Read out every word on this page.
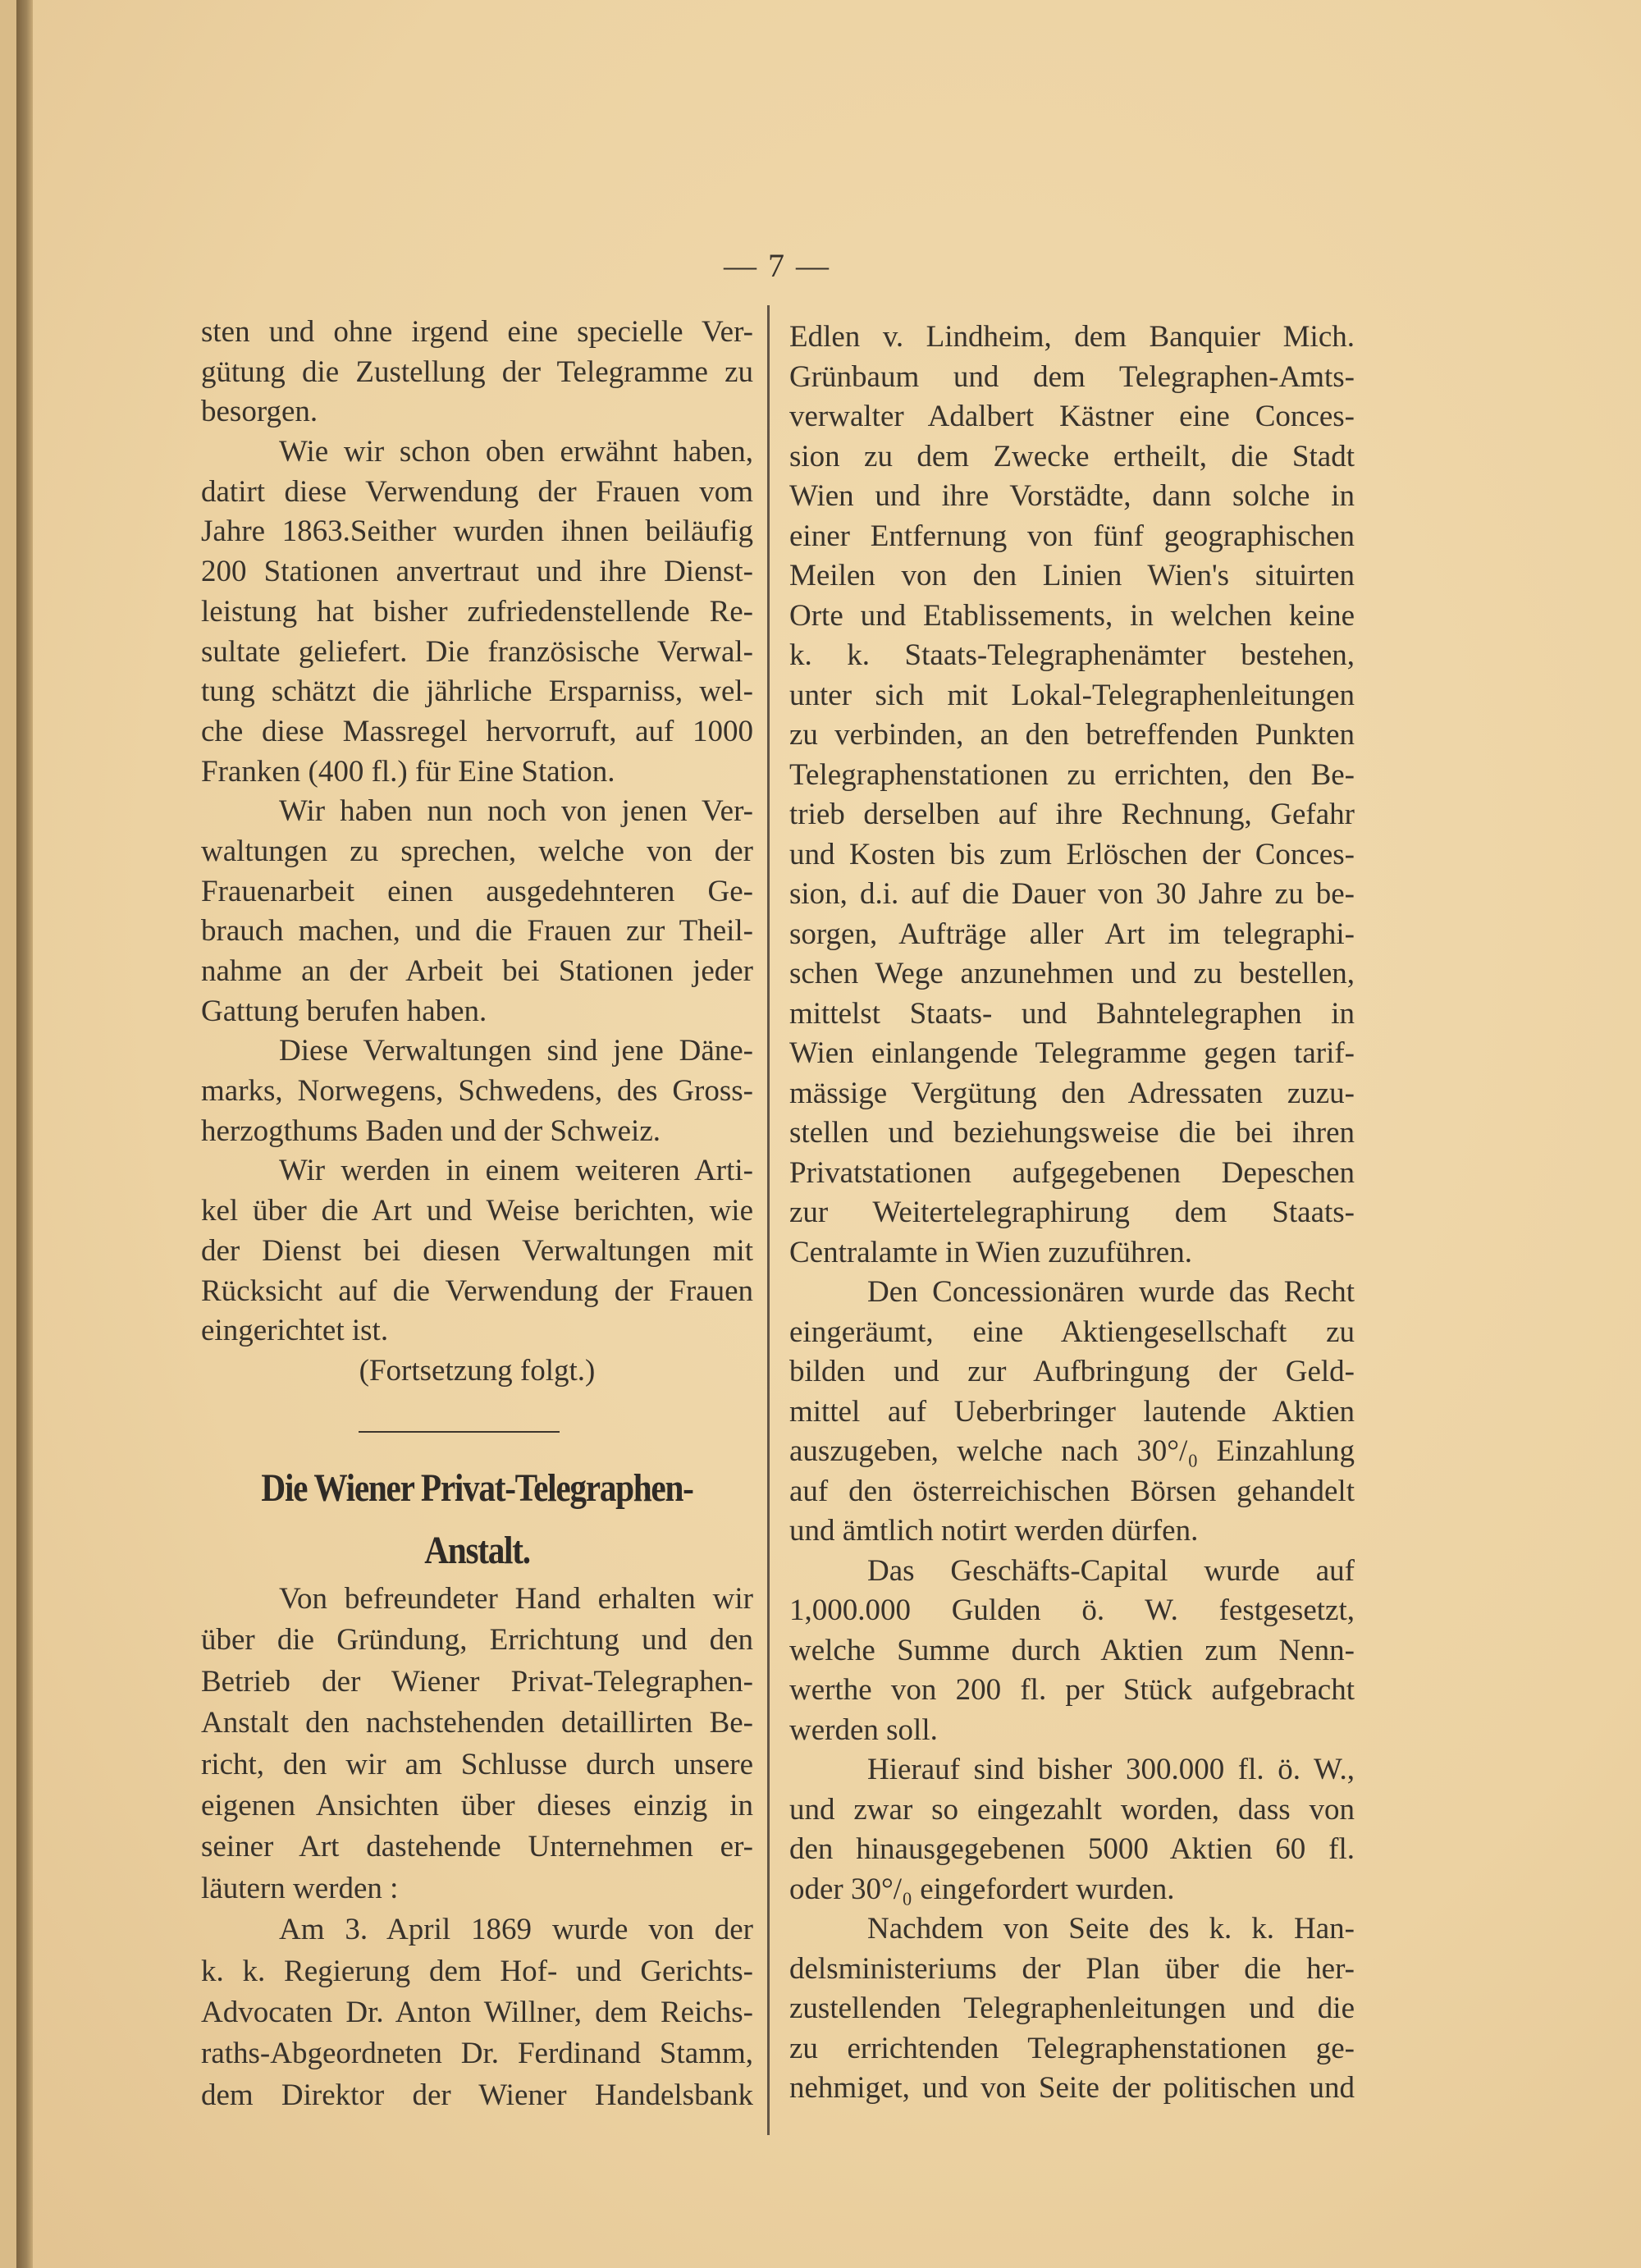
— 7 —
sten und ohne irgend eine specielle Ver-
gütung die Zustellung der Telegramme zu
besorgen.
Wie wir schon oben erwähnt haben,
datirt diese Verwendung der Frauen vom
Jahre 1863.Seither wurden ihnen beiläufig
200 Stationen anvertraut und ihre Dienst-
leistung hat bisher zufriedenstellende Re-
sultate geliefert. Die französische Verwal-
tung schätzt die jährliche Ersparniss, wel-
che diese Massregel hervorruft, auf 1000
Franken (400 fl.) für Eine Station.
Wir haben nun noch von jenen Ver-
waltungen zu sprechen, welche von der
Frauenarbeit einen ausgedehnteren Ge-
brauch machen, und die Frauen zur Theil-
nahme an der Arbeit bei Stationen jeder
Gattung berufen haben.
Diese Verwaltungen sind jene Däne-
marks, Norwegens, Schwedens, des Gross-
herzogthums Baden und der Schweiz.
Wir werden in einem weiteren Arti-
kel über die Art und Weise berichten, wie
der Dienst bei diesen Verwaltungen mit
Rücksicht auf die Verwendung der Frauen
eingerichtet ist.
(Fortsetzung folgt.)
Die Wiener Privat-Telegraphen-
Anstalt.
Von befreundeter Hand erhalten wir
über die Gründung, Errichtung und den
Betrieb der Wiener Privat-Telegraphen-
Anstalt den nachstehenden detaillirten Be-
richt, den wir am Schlusse durch unsere
eigenen Ansichten über dieses einzig in
seiner Art dastehende Unternehmen er-
läutern werden :
Am 3. April 1869 wurde von der
k. k. Regierung dem Hof- und Gerichts-
Advocaten Dr. Anton Willner, dem Reichs-
raths-Abgeordneten Dr. Ferdinand Stamm,
dem Direktor der Wiener Handelsbank
Edlen v. Lindheim, dem Banquier Mich.
Grünbaum und dem Telegraphen-Amts-
verwalter Adalbert Kästner eine Conces-
sion zu dem Zwecke ertheilt, die Stadt
Wien und ihre Vorstädte, dann solche in
einer Entfernung von fünf geographischen
Meilen von den Linien Wien's situirten
Orte und Etablissements, in welchen keine
k. k. Staats-Telegraphenämter bestehen,
unter sich mit Lokal-Telegraphenleitungen
zu verbinden, an den betreffenden Punkten
Telegraphenstationen zu errichten, den Be-
trieb derselben auf ihre Rechnung, Gefahr
und Kosten bis zum Erlöschen der Conces-
sion, d.i. auf die Dauer von 30 Jahre zu be-
sorgen, Aufträge aller Art im telegraphi-
schen Wege anzunehmen und zu bestellen,
mittelst Staats- und Bahntelegraphen in
Wien einlangende Telegramme gegen tarif-
mässige Vergütung den Adressaten zuzu-
stellen und beziehungsweise die bei ihren
Privatstationen aufgegebenen Depeschen
zur Weitertelegraphirung dem Staats-
Centralamte in Wien zuzuführen.
Den Concessionären wurde das Recht
eingeräumt, eine Aktiengesellschaft zu
bilden und zur Aufbringung der Geld-
mittel auf Ueberbringer lautende Aktien
auszugeben, welche nach 30°/₀ Einzahlung
auf den österreichischen Börsen gehandelt
und ämtlich notirt werden dürfen.
Das Geschäfts-Capital wurde auf
1,000.000 Gulden ö. W. festgesetzt,
welche Summe durch Aktien zum Nenn-
werthe von 200 fl. per Stück aufgebracht
werden soll.
Hierauf sind bisher 300.000 fl. ö. W.,
und zwar so eingezahlt worden, dass von
den hinausgegebenen 5000 Aktien 60 fl.
oder 30°/₀ eingefordert wurden.
Nachdem von Seite des k. k. Han-
delsministeriums der Plan über die her-
zustellenden Telegraphenleitungen und die
zu errichtenden Telegraphenstationen ge-
nehmiget, und von Seite der politischen und
